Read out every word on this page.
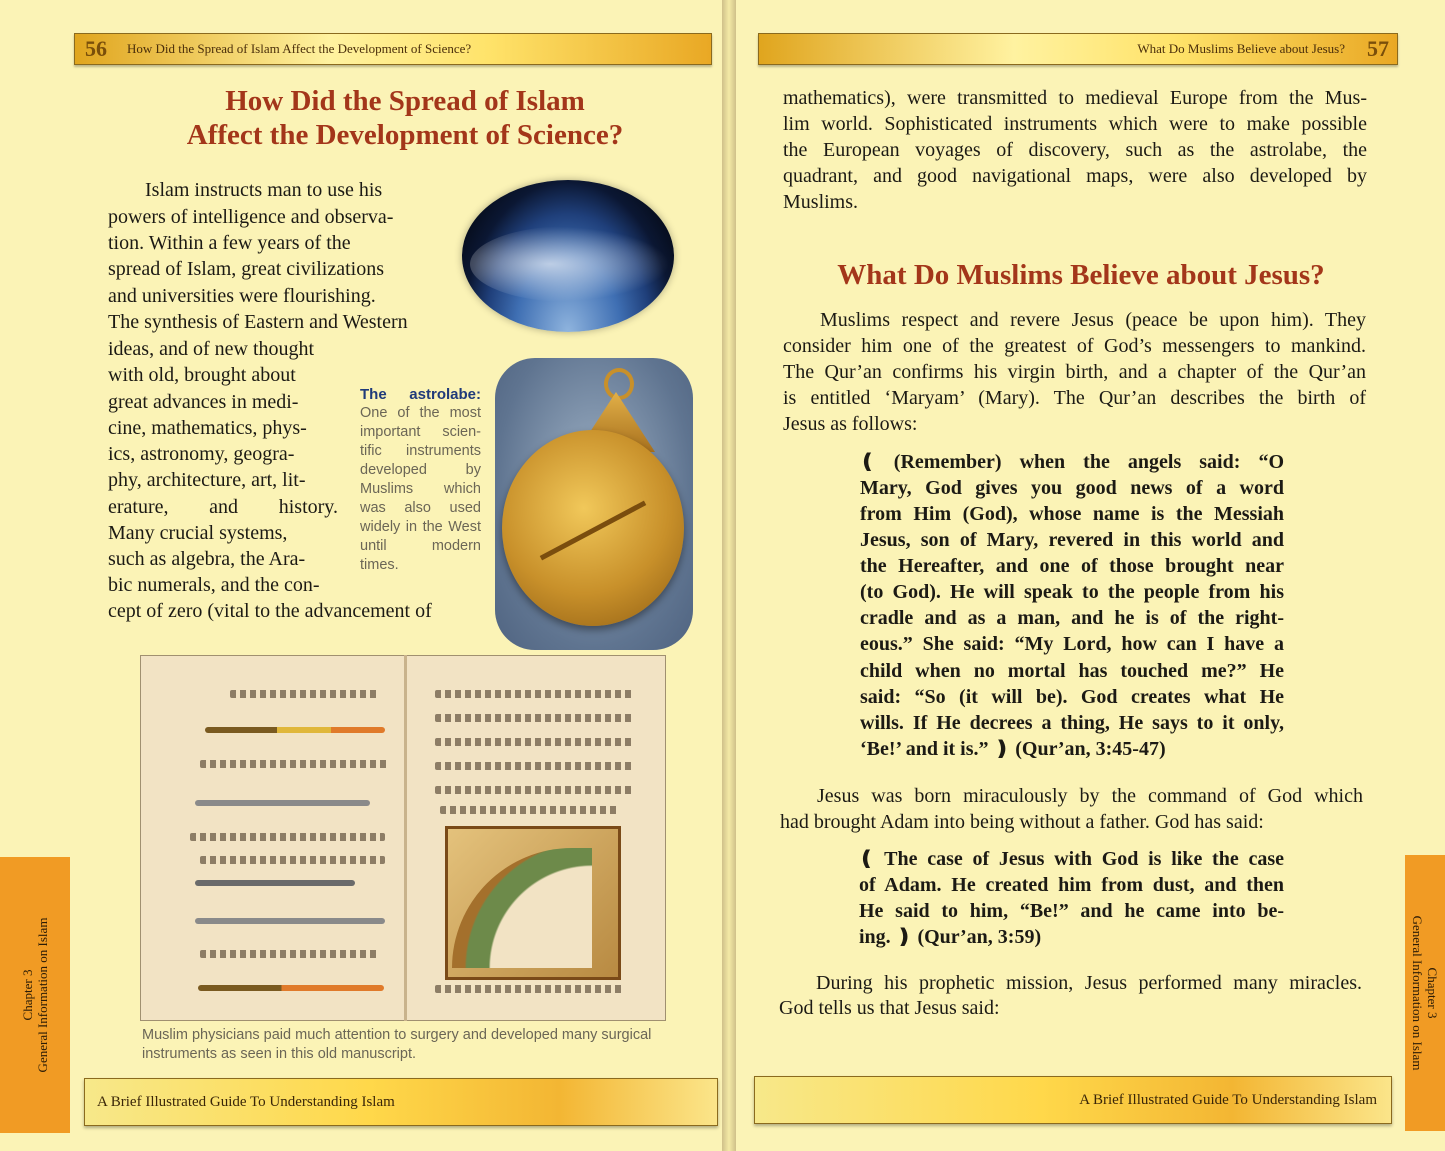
56 How Did the Spread of Islam Affect the Development of Science?
How Did the Spread of Islam
Affect the Development of Science?
Islam instructs man to use his
powers of intelligence and observa-
tion. Within a few years of the
spread of Islam, great civilizations
and universities were flourishing.
The synthesis of Eastern and Western
ideas, and of new thought
with old, brought about
great advances in medi-
cine, mathematics, phys-
ics, astronomy, geogra-
phy, architecture, art, lit-
erature, and history.
Many crucial systems,
such as algebra, the Ara-
bic numerals, and the con-
cept of zero (vital to the advancement of
The astrolabe:
One of the most
important scien-
tific instruments
developed by
Muslims which
was also used
widely in the West
until modern
times.
Muslim physicians paid much attention to surgery and developed many surgical
instruments as seen in this old manuscript.
Chapter 3 General Information on Islam
A Brief Illustrated Guide To Understanding Islam
What Do Muslims Believe about Jesus? 57
mathematics), were transmitted to medieval Europe from the Mus-
lim world. Sophisticated instruments which were to make possible
the European voyages of discovery, such as the astrolabe, the
quadrant, and good navigational maps, were also developed by
Muslims.
What Do Muslims Believe about Jesus?
Muslims respect and revere Jesus (peace be upon him). They
consider him one of the greatest of God’s messengers to mankind.
The Qur’an confirms his virgin birth, and a chapter of the Qur’an
is entitled ‘Maryam’ (Mary). The Qur’an describes the birth of
Jesus as follows:
❪ (Remember) when the angels said: “O
Mary, God gives you good news of a word
from Him (God), whose name is the Messiah
Jesus, son of Mary, revered in this world and
the Hereafter, and one of those brought near
(to God). He will speak to the people from his
cradle and as a man, and he is of the right-
eous.” She said: “My Lord, how can I have a
child when no mortal has touched me?” He
said: “So (it will be). God creates what He
wills. If He decrees a thing, He says to it only,
‘Be!’ and it is.” ❫ (Qur’an, 3:45-47)
Jesus was born miraculously by the command of God which
had brought Adam into being without a father. God has said:
❪ The case of Jesus with God is like the case
of Adam. He created him from dust, and then
He said to him, “Be!” and he came into be-
ing. ❫ (Qur’an, 3:59)
During his prophetic mission, Jesus performed many miracles.
God tells us that Jesus said:	Chapter 3
General Information on Islam
A Brief Illustrated Guide To Understanding Islam
